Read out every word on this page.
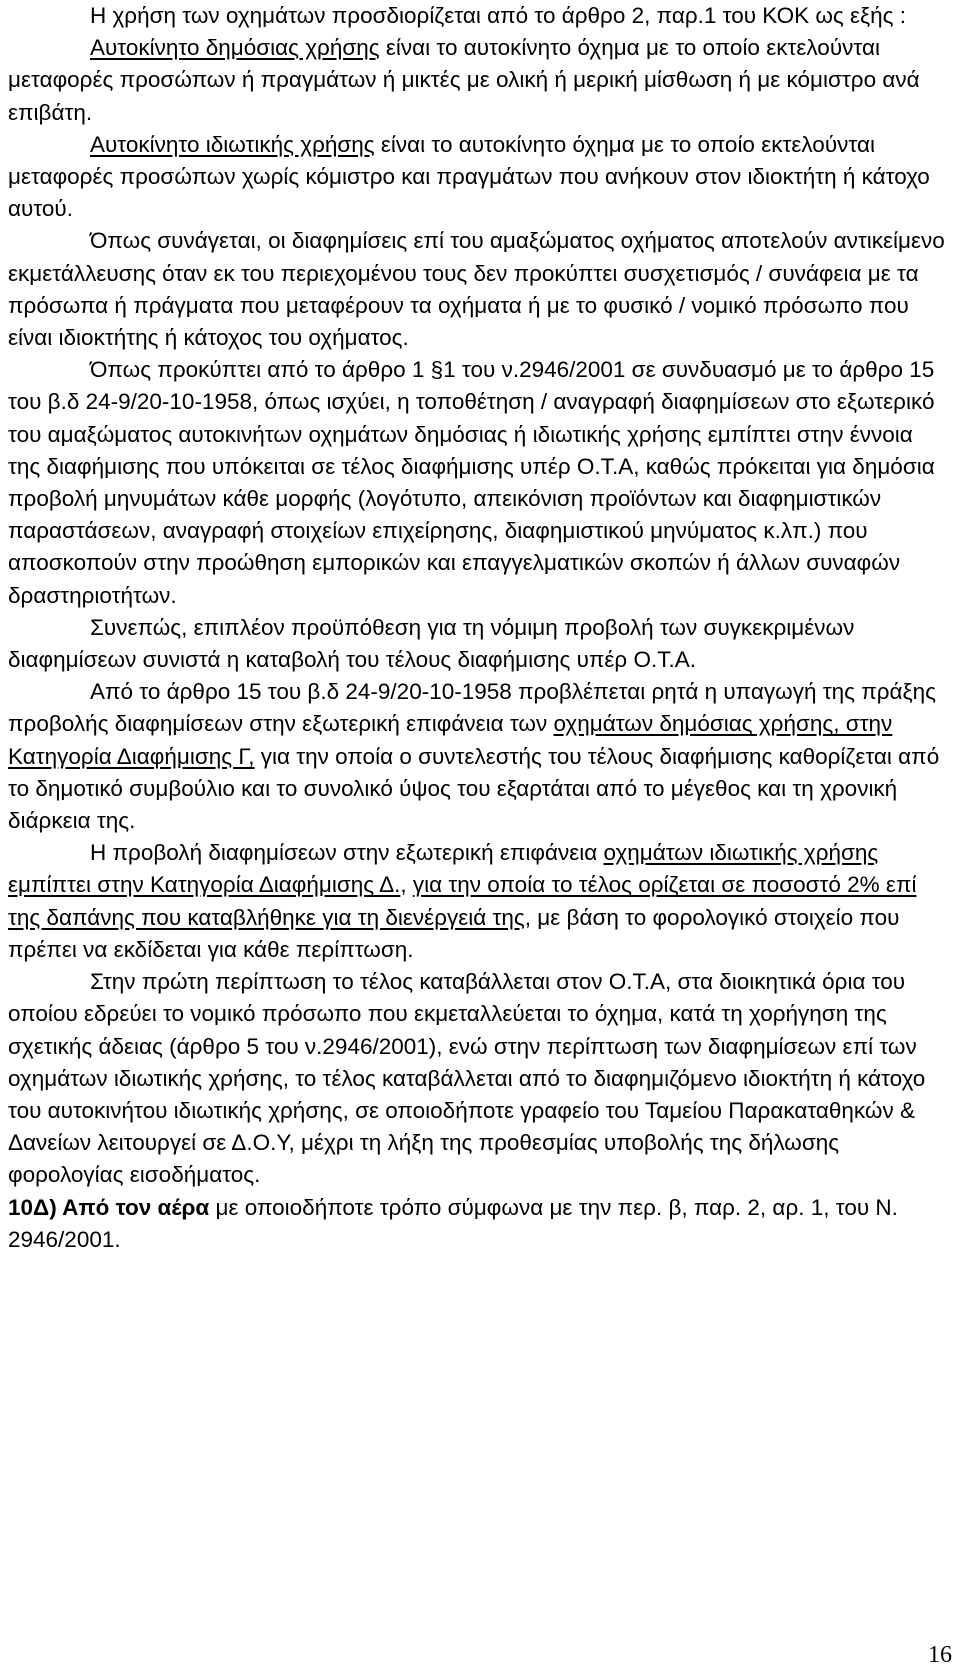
Η χρήση των οχημάτων προσδιορίζεται από το άρθρο 2, παρ.1 του ΚΟΚ ως εξής :

Αυτοκίνητο δημόσιας χρήσης είναι το αυτοκίνητο όχημα με το οποίο εκτελούνται μεταφορές προσώπων ή πραγμάτων ή μικτές με ολική ή μερική μίσθωση ή με κόμιστρο ανά επιβάτη.

Αυτοκίνητο ιδιωτικής χρήσης είναι το αυτοκίνητο όχημα με το οποίο εκτελούνται μεταφορές προσώπων χωρίς κόμιστρο και πραγμάτων που ανήκουν στον ιδιοκτήτη ή κάτοχο αυτού.

Όπως συνάγεται, οι διαφημίσεις επί του αμαξώματος οχήματος αποτελούν αντικείμενο εκμετάλλευσης όταν εκ του περιεχομένου τους δεν προκύπτει συσχετισμός / συνάφεια με τα πρόσωπα ή πράγματα που μεταφέρουν τα οχήματα ή με το φυσικό / νομικό πρόσωπο που είναι ιδιοκτήτης ή κάτοχος του οχήματος.

Όπως προκύπτει από το άρθρο 1 §1 του ν.2946/2001 σε συνδυασμό με το άρθρο 15 του β.δ 24-9/20-10-1958, όπως ισχύει, η τοποθέτηση / αναγραφή διαφημίσεων στο εξωτερικό του αμαξώματος αυτοκινήτων οχημάτων δημόσιας ή ιδιωτικής χρήσης εμπίπτει στην έννοια της διαφήμισης που υπόκειται σε τέλος διαφήμισης υπέρ Ο.Τ.Α, καθώς πρόκειται για δημόσια προβολή μηνυμάτων κάθε μορφής (λογότυπο, απεικόνιση προϊόντων και διαφημιστικών παραστάσεων, αναγραφή στοιχείων επιχείρησης, διαφημιστικού μηνύματος κ.λπ.) που αποσκοπούν στην προώθηση εμπορικών και επαγγελματικών σκοπών ή άλλων συναφών δραστηριοτήτων.

Συνεπώς, επιπλέον προϋπόθεση για τη νόμιμη προβολή των συγκεκριμένων διαφημίσεων συνιστά η καταβολή του τέλους διαφήμισης υπέρ Ο.Τ.Α.

Από το άρθρο 15 του β.δ 24-9/20-10-1958 προβλέπεται ρητά η υπαγωγή της πράξης προβολής διαφημίσεων στην εξωτερική επιφάνεια των οχημάτων δημόσιας χρήσης, στην Κατηγορία Διαφήμισης Γ, για την οποία ο συντελεστής του τέλους διαφήμισης καθορίζεται από το δημοτικό συμβούλιο και το συνολικό ύψος του εξαρτάται από το μέγεθος και τη χρονική διάρκεια της.

Η προβολή διαφημίσεων στην εξωτερική επιφάνεια οχημάτων ιδιωτικής χρήσης εμπίπτει στην Κατηγορία Διαφήμισης Δ., για την οποία το τέλος ορίζεται σε ποσοστό 2% επί της δαπάνης που καταβλήθηκε για τη διενέργειά της, με βάση το φορολογικό στοιχείο που πρέπει να εκδίδεται για κάθε περίπτωση.

Στην πρώτη περίπτωση το τέλος καταβάλλεται στον Ο.Τ.Α, στα διοικητικά όρια του οποίου εδρεύει το νομικό πρόσωπο που εκμεταλλεύεται το όχημα, κατά τη χορήγηση της σχετικής άδειας (άρθρο 5 του ν.2946/2001), ενώ στην περίπτωση των διαφημίσεων επί των οχημάτων ιδιωτικής χρήσης, το τέλος καταβάλλεται από το διαφημιζόμενο ιδιοκτήτη ή κάτοχο του αυτοκινήτου ιδιωτικής χρήσης, σε οποιοδήποτε γραφείο του Ταμείου Παρακαταθηκών & Δανείων λειτουργεί σε Δ.Ο.Υ, μέχρι τη λήξη της προθεσμίας υποβολής της δήλωσης φορολογίας εισοδήματος.

10Δ) Από τον αέρα με οποιοδήποτε τρόπο σύμφωνα με την περ. β, παρ. 2, αρ. 1, του Ν. 2946/2001.

16
